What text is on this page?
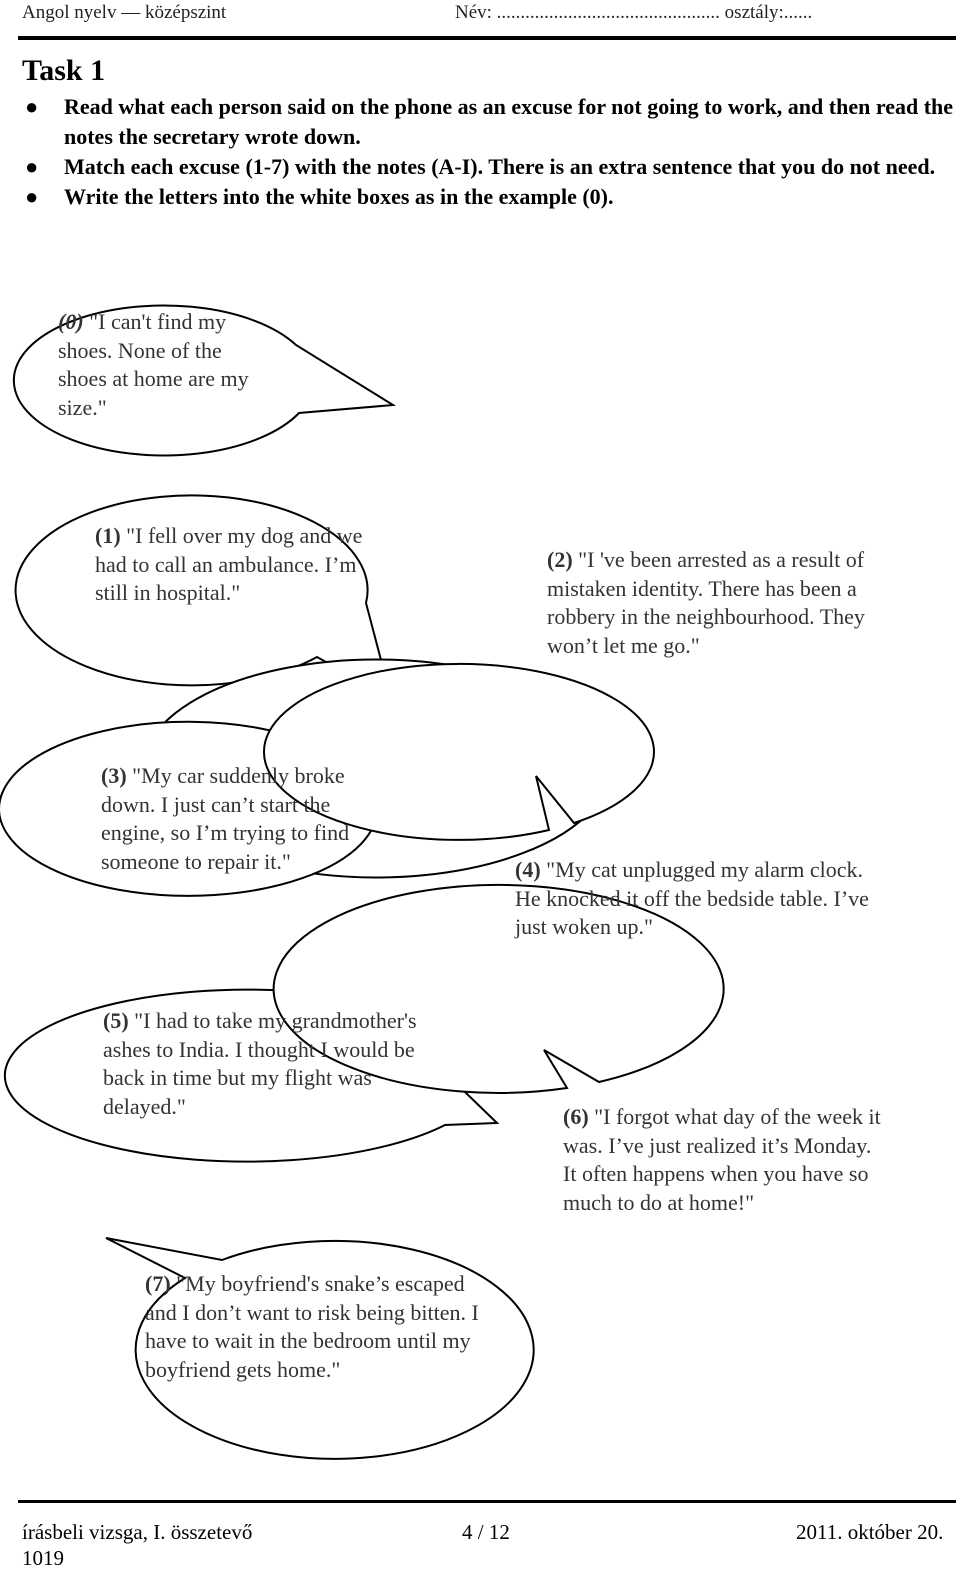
Angol nyelv — középszint	Név: ............................................... osztály:......
Task 1
● Read what each person said on the phone as an excuse for not going to work, and then read the notes the secretary wrote down.
● Match each excuse (1-7) with the notes (A-I). There is an extra sentence that you do not need.
● Write the letters into the white boxes as in the example (0).

(0) "I can't find my shoes. None of the shoes at home are my size."

(1) "I fell over my dog and we had to call an ambulance. I’m still in hospital."

(2) "I 've been arrested as a result of mistaken identity. There has been a robbery in the neighbourhood. They won’t let me go."

(3) "My car suddenly broke down. I just can’t start the engine, so I’m trying to find someone to repair it."	(4) "My cat unplugged my alarm clock. He knocked it off the bedside table. I’ve just woken up."

(5) "I had to take my grandmother's ashes to India. I thought I would be back in time but my flight was delayed."	(6) "I forgot what day of the week it was. I’ve just realized it’s Monday. It often happens when you have so much to do at home!"

(7) "My boyfriend's snake’s escaped and I don’t want to risk being bitten. I have to wait in the bedroom until my boyfriend gets home."

írásbeli vizsga, I. összetevő	4 / 12	2011. október 20.
1019
